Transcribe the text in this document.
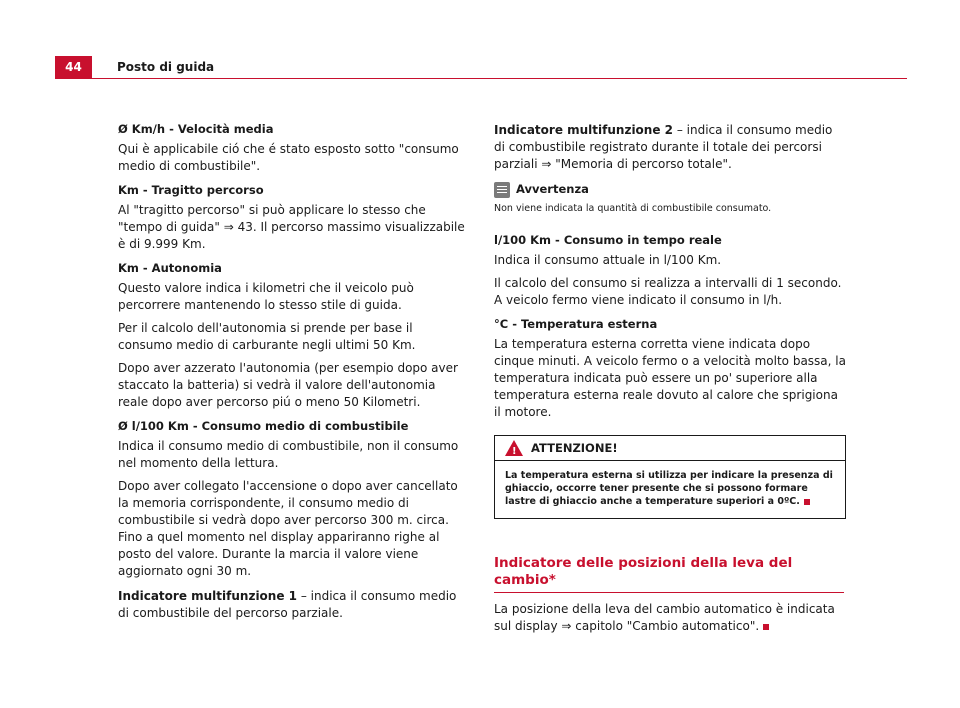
44	Posto di guida
Ø Km/h - Velocità media

Qui è applicabile ció che é stato esposto sotto "consumo medio di combustibile".

Km - Tragitto percorso

Al "tragitto percorso" si può applicare lo stesso che "tempo di guida" ⇒ 43. Il percorso massimo visualizzabile è di 9.999 Km.

Km - Autonomia

Questo valore indica i kilometri che il veicolo può percorrere mantenendo lo stesso stile di guida.

Per il calcolo dell'autonomia si prende per base il consumo medio di carburante negli ultimi 50 Km.

Dopo aver azzerato l'autonomia (per esempio dopo aver staccato la batteria) si vedrà il valore dell'autonomia reale dopo aver percorso piú o meno 50 Kilometri.

Ø l/100 Km - Consumo medio di combustibile

Indica il consumo medio di combustibile, non il consumo nel momento della lettura.

Dopo aver collegato l'accensione o dopo aver cancellato la memoria corrispondente, il consumo medio di combustibile si vedrà dopo aver percorso 300 m. circa. Fino a quel momento nel display appariranno righe al posto del valore. Durante la marcia il valore viene aggiornato ogni 30 m.

Indicatore multifunzione 1 – indica il consumo medio di combustibile del percorso parziale.

Indicatore multifunzione 2 – indica il consumo medio di combustibile registrato durante il totale dei percorsi parziali ⇒ "Memoria di percorso totale".

Avvertenza
Non viene indicata la quantità di combustibile consumato.
l/100 Km - Consumo in tempo reale

Indica il consumo attuale in l/100 Km.

Il calcolo del consumo si realizza a intervalli di 1 secondo. A veicolo fermo viene indicato il consumo in l/h.

°C - Temperatura esterna

La temperatura esterna corretta viene indicata dopo cinque minuti. A veicolo fermo o a velocità molto bassa, la temperatura indicata può essere un po' superiore alla temperatura esterna reale dovuto al calore che sprigiona il motore.

!
ATTENZIONE!
La temperatura esterna si utilizza per indicare la presenza di ghiaccio, occorre tener presente che si possono formare lastre di ghiaccio anche a temperature superiori a 0ºC.
Indicatore delle posizioni della leva del cambio*

La posizione della leva del cambio automatico è indicata sul display ⇒ capitolo "Cambio automatico".
